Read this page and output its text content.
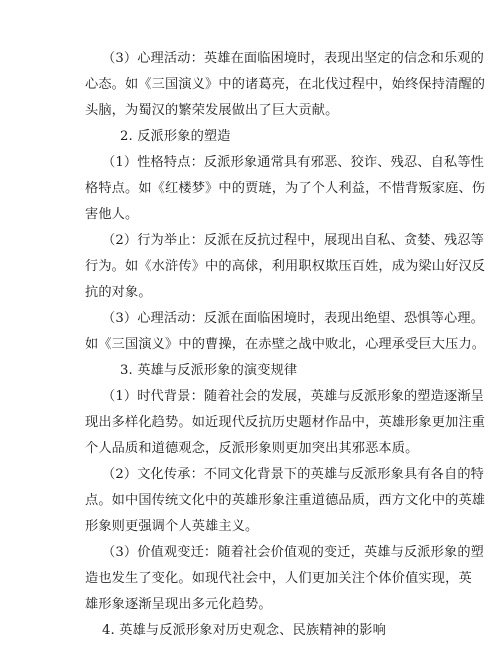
（3）心理活动：英雄在面临困境时，表现出坚定的信念和乐观的
心态。如《三国演义》中的诸葛亮，在北伐过程中，始终保持清醒的
头脑，为蜀汉的繁荣发展做出了巨大贡献。
2. 反派形象的塑造
（1）性格特点：反派形象通常具有邪恶、狡诈、残忍、自私等性
格特点。如《红楼梦》中的贾琏，为了个人利益，不惜背叛家庭、伤
害他人。
（2）行为举止：反派在反抗过程中，展现出自私、贪婪、残忍等
行为。如《水浒传》中的高俅，利用职权欺压百姓，成为梁山好汉反
抗的对象。
（3）心理活动：反派在面临困境时，表现出绝望、恐惧等心理。
如《三国演义》中的曹操，在赤壁之战中败北，心理承受巨大压力。
3. 英雄与反派形象的演变规律
（1）时代背景：随着社会的发展，英雄与反派形象的塑造逐渐呈
现出多样化趋势。如近现代反抗历史题材作品中，英雄形象更加注重
个人品质和道德观念，反派形象则更加突出其邪恶本质。
（2）文化传承：不同文化背景下的英雄与反派形象具有各自的特
点。如中国传统文化中的英雄形象注重道德品质，西方文化中的英雄
形象则更强调个人英雄主义。
（3）价值观变迁：随着社会价值观的变迁，英雄与反派形象的塑
造也发生了变化。如现代社会中，人们更加关注个体价值实现，英
雄形象逐渐呈现出多元化趋势。
4. 英雄与反派形象对历史观念、民族精神的影响
